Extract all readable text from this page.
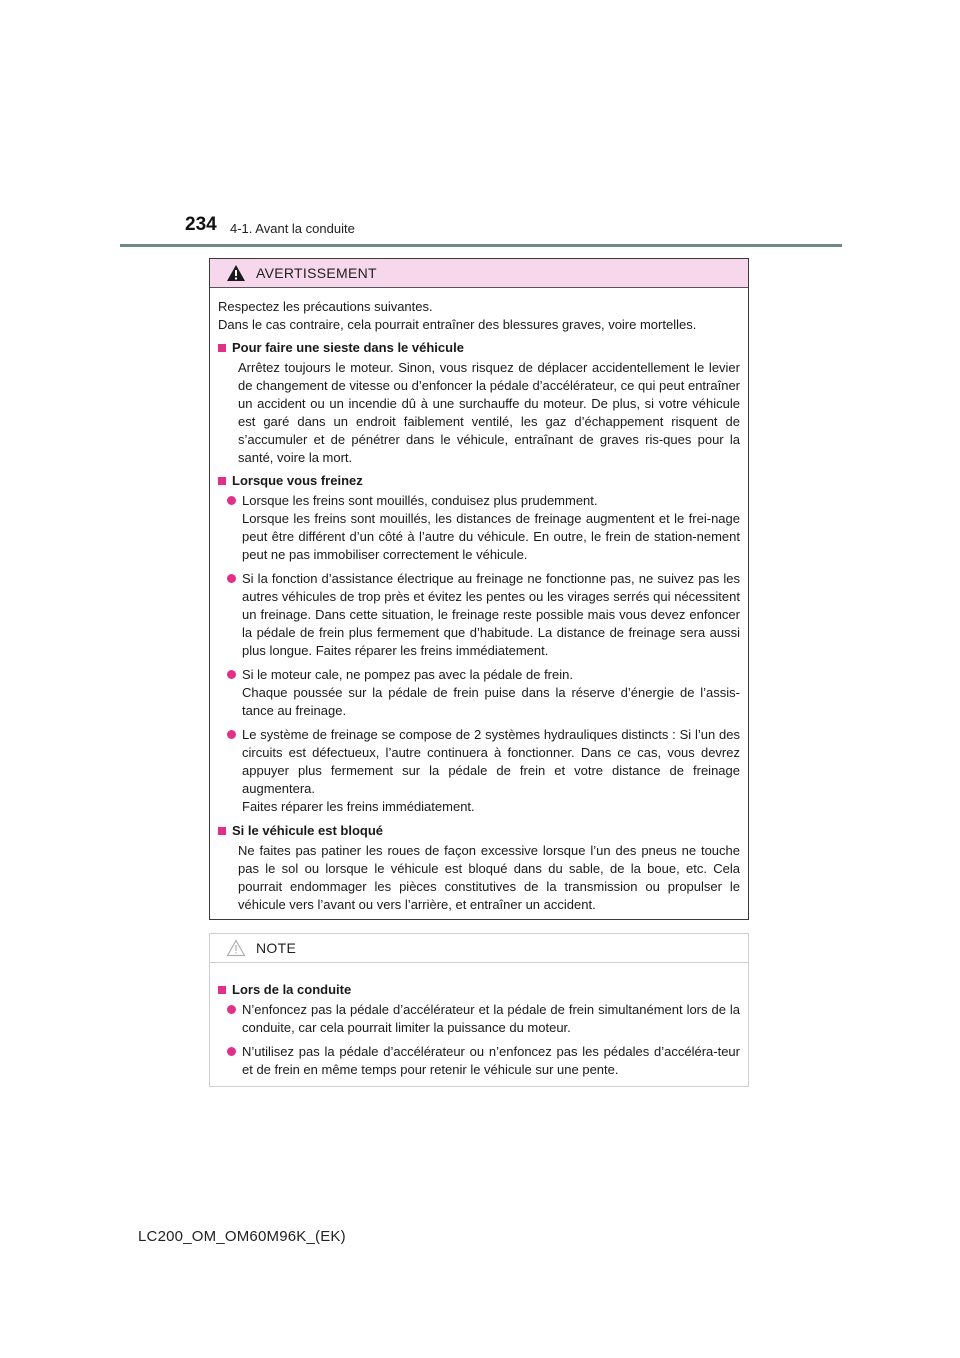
234 4-1. Avant la conduite
AVERTISSEMENT

Respectez les précautions suivantes.

Dans le cas contraire, cela pourrait entraîner des blessures graves, voire mortelles.

Pour faire une sieste dans le véhicule

Arrêtez toujours le moteur. Sinon, vous risquez de déplacer accidentellement le levier de changement de vitesse ou d’enfoncer la pédale d’accélérateur, ce qui peut entraîner un accident ou un incendie dû à une surchauffe du moteur. De plus, si votre véhicule est garé dans un endroit faiblement ventilé, les gaz d’échappement risquent de s’accumuler et de pénétrer dans le véhicule, entraînant de graves ris-ques pour la santé, voire la mort.

Lorsque vous freinez

Lorsque les freins sont mouillés, conduisez plus prudemment.

Lorsque les freins sont mouillés, les distances de freinage augmentent et le frei-nage peut être différent d’un côté à l’autre du véhicule. En outre, le frein de station-nement peut ne pas immobiliser correctement le véhicule.

Si la fonction d’assistance électrique au freinage ne fonctionne pas, ne suivez pas les autres véhicules de trop près et évitez les pentes ou les virages serrés qui nécessitent un freinage. Dans cette situation, le freinage reste possible mais vous devez enfoncer la pédale de frein plus fermement que d’habitude. La distance de freinage sera aussi plus longue. Faites réparer les freins immédiatement.

Si le moteur cale, ne pompez pas avec la pédale de frein.

Chaque poussée sur la pédale de frein puise dans la réserve d’énergie de l’assis-tance au freinage.

Le système de freinage se compose de 2 systèmes hydrauliques distincts : Si l’un des circuits est défectueux, l’autre continuera à fonctionner. Dans ce cas, vous devrez appuyer plus fermement sur la pédale de frein et votre distance de freinage augmentera.

Faites réparer les freins immédiatement.

Si le véhicule est bloqué

Ne faites pas patiner les roues de façon excessive lorsque l’un des pneus ne touche pas le sol ou lorsque le véhicule est bloqué dans du sable, de la boue, etc. Cela pourrait endommager les pièces constitutives de la transmission ou propulser le véhicule vers l’avant ou vers l’arrière, et entraîner un accident.

NOTE
Lors de la conduite

N’enfoncez pas la pédale d’accélérateur et la pédale de frein simultanément lors de la conduite, car cela pourrait limiter la puissance du moteur.

N’utilisez pas la pédale d’accélérateur ou n’enfoncez pas les pédales d’accéléra-teur et de frein en même temps pour retenir le véhicule sur une pente.

LC200_OM_OM60M96K_(EK)
